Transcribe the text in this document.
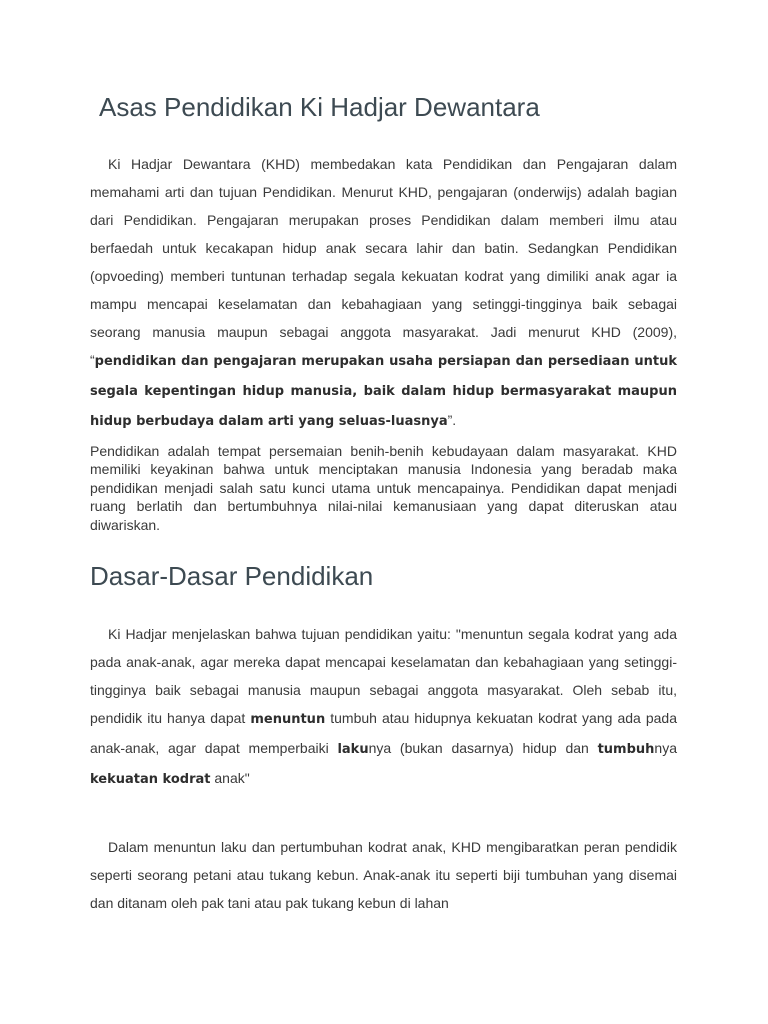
Asas Pendidikan Ki Hadjar Dewantara

Ki Hadjar Dewantara (KHD) membedakan kata Pendidikan dan Pengajaran dalam memahami arti dan tujuan Pendidikan. Menurut KHD, pengajaran (onderwijs) adalah bagian dari Pendidikan. Pengajaran merupakan proses Pendidikan dalam memberi ilmu atau berfaedah untuk kecakapan hidup anak secara lahir dan batin. Sedangkan Pendidikan (opvoeding) memberi tuntunan terhadap segala kekuatan kodrat yang dimiliki anak agar ia mampu mencapai keselamatan dan kebahagiaan yang setinggi-tingginya baik sebagai seorang manusia maupun sebagai anggota masyarakat. Jadi menurut KHD (2009), “pendidikan dan pengajaran merupakan usaha persiapan dan persediaan untuk segala kepentingan hidup manusia, baik dalam hidup bermasyarakat maupun hidup berbudaya dalam arti yang seluas-luasnya”.

Pendidikan adalah tempat persemaian benih-benih kebudayaan dalam masyarakat. KHD memiliki keyakinan bahwa untuk menciptakan manusia Indonesia yang beradab maka pendidikan menjadi salah satu kunci utama untuk mencapainya. Pendidikan dapat menjadi ruang berlatih dan bertumbuhnya nilai-nilai kemanusiaan yang dapat diteruskan atau diwariskan.

Dasar-Dasar Pendidikan

Ki Hadjar menjelaskan bahwa tujuan pendidikan yaitu: "menuntun segala kodrat yang ada pada anak-anak, agar mereka dapat mencapai keselamatan dan kebahagiaan yang setinggi-tingginya baik sebagai manusia maupun sebagai anggota masyarakat. Oleh sebab itu, pendidik itu hanya dapat menuntun tumbuh atau hidupnya kekuatan kodrat yang ada pada anak-anak, agar dapat memperbaiki lakunya (bukan dasarnya) hidup dan tumbuhnya kekuatan kodrat anak"

Dalam menuntun laku dan pertumbuhan kodrat anak, KHD mengibaratkan peran pendidik seperti seorang petani atau tukang kebun. Anak-anak itu seperti biji tumbuhan yang disemai dan ditanam oleh pak tani atau pak tukang kebun di lahan
